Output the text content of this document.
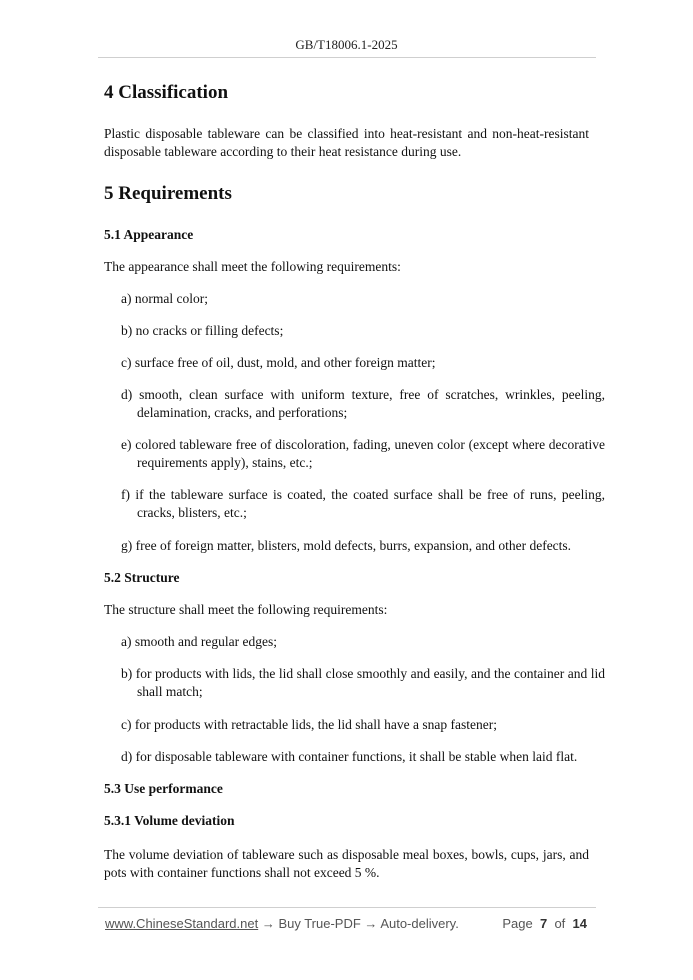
GB/T18006.1-2025
4 Classification

Plastic disposable tableware can be classified into heat-resistant and non-heat-resistant disposable tableware according to their heat resistance during use.

5 Requirements
5.1 Appearance

The appearance shall meet the following requirements:

a) normal color;

b) no cracks or filling defects;

c) surface free of oil, dust, mold, and other foreign matter;

d) smooth, clean surface with uniform texture, free of scratches, wrinkles, peeling, delamination, cracks, and perforations;

e) colored tableware free of discoloration, fading, uneven color (except where decorative requirements apply), stains, etc.;

f) if the tableware surface is coated, the coated surface shall be free of runs, peeling, cracks, blisters, etc.;

g) free of foreign matter, blisters, mold defects, burrs, expansion, and other defects.

5.2 Structure

The structure shall meet the following requirements:

a) smooth and regular edges;

b) for products with lids, the lid shall close smoothly and easily, and the container and lid shall match;

c) for products with retractable lids, the lid shall have a snap fastener;

d) for disposable tableware with container functions, it shall be stable when laid flat.

5.3 Use performance
5.3.1 Volume deviation

The volume deviation of tableware such as disposable meal boxes, bowls, cups, jars, and pots with container functions shall not exceed 5 %.

www.ChineseStandard.net → Buy True-PDF → Auto-delivery.	Page 7 of 14
